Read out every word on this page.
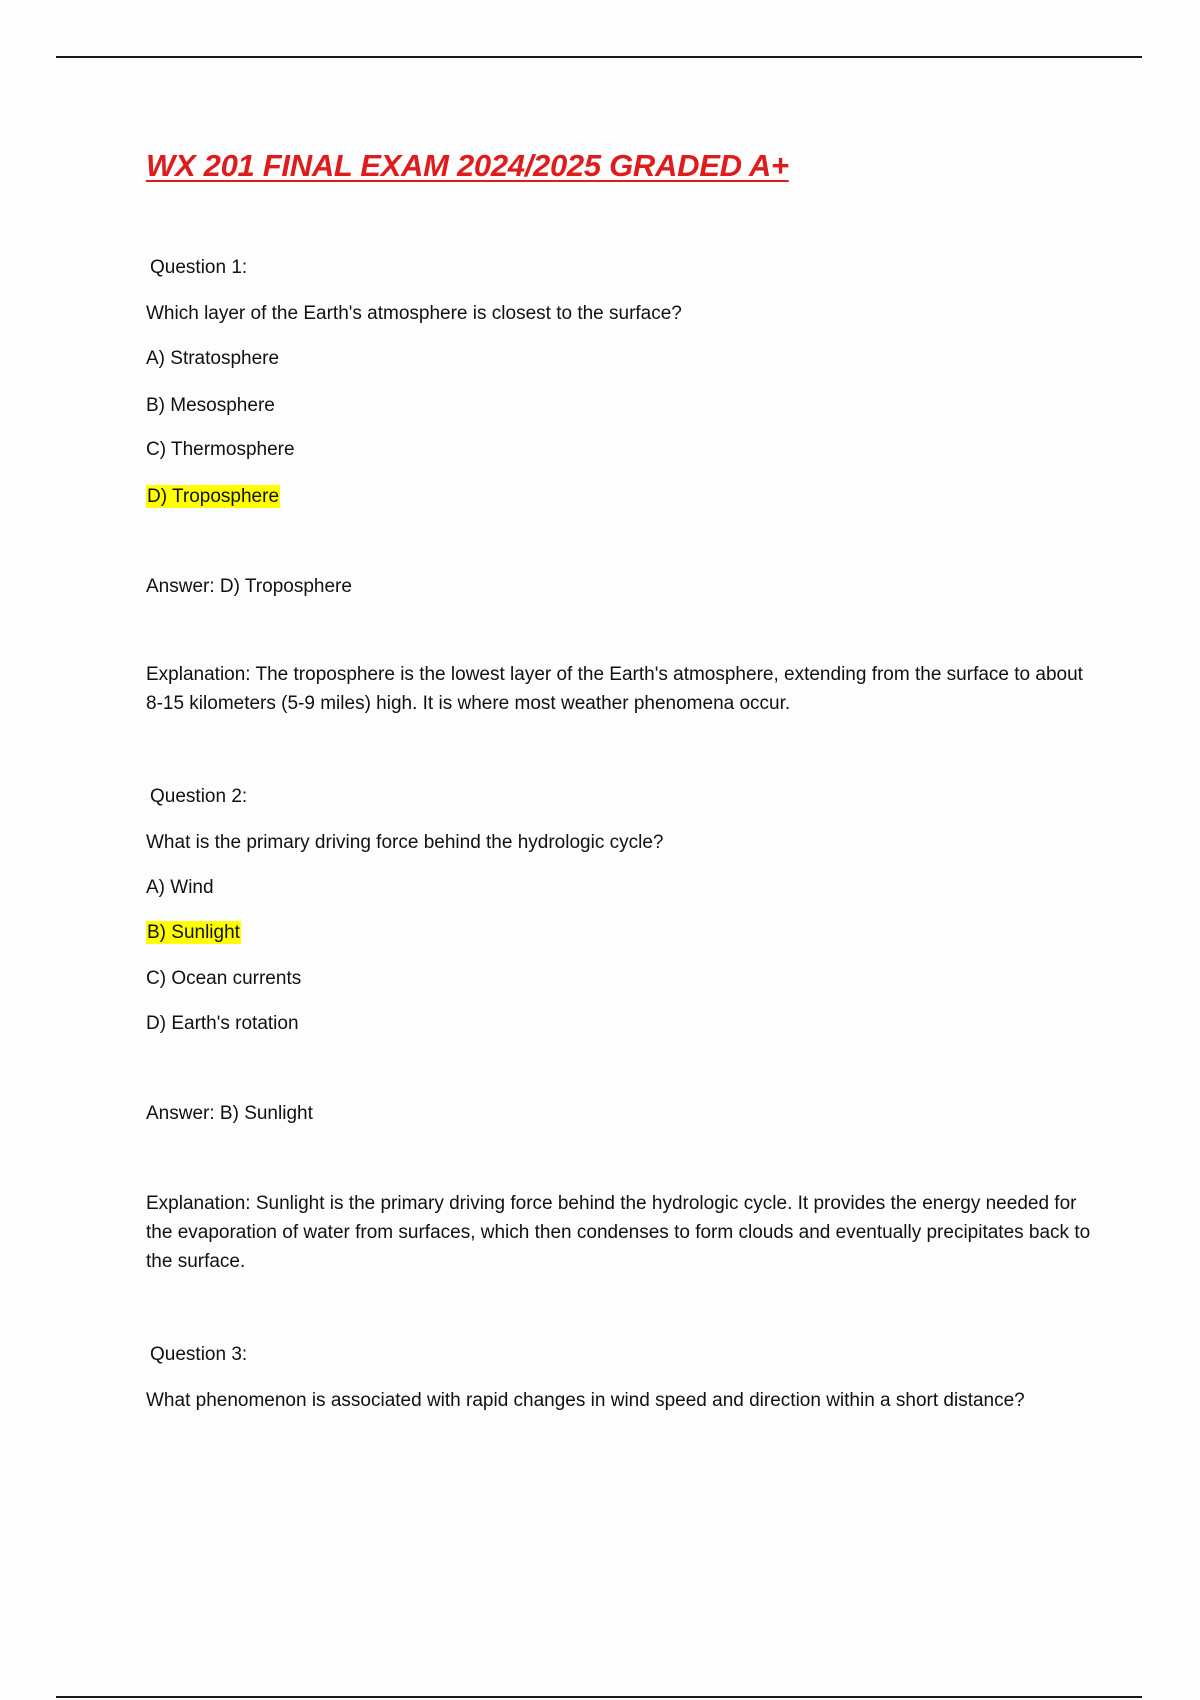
WX 201 FINAL EXAM 2024/2025 GRADED A+

Question 1:

Which layer of the Earth's atmosphere is closest to the surface?

A) Stratosphere

B) Mesosphere

C) Thermosphere

D) Troposphere

Answer: D) Troposphere

Explanation: The troposphere is the lowest layer of the Earth's atmosphere, extending from the surface to about 8-15 kilometers (5-9 miles) high. It is where most weather phenomena occur.

Question 2:

What is the primary driving force behind the hydrologic cycle?

A) Wind

B) Sunlight

C) Ocean currents

D) Earth's rotation

Answer: B) Sunlight

Explanation: Sunlight is the primary driving force behind the hydrologic cycle. It provides the energy needed for the evaporation of water from surfaces, which then condenses to form clouds and eventually precipitates back to the surface.

Question 3:

What phenomenon is associated with rapid changes in wind speed and direction within a short distance?
